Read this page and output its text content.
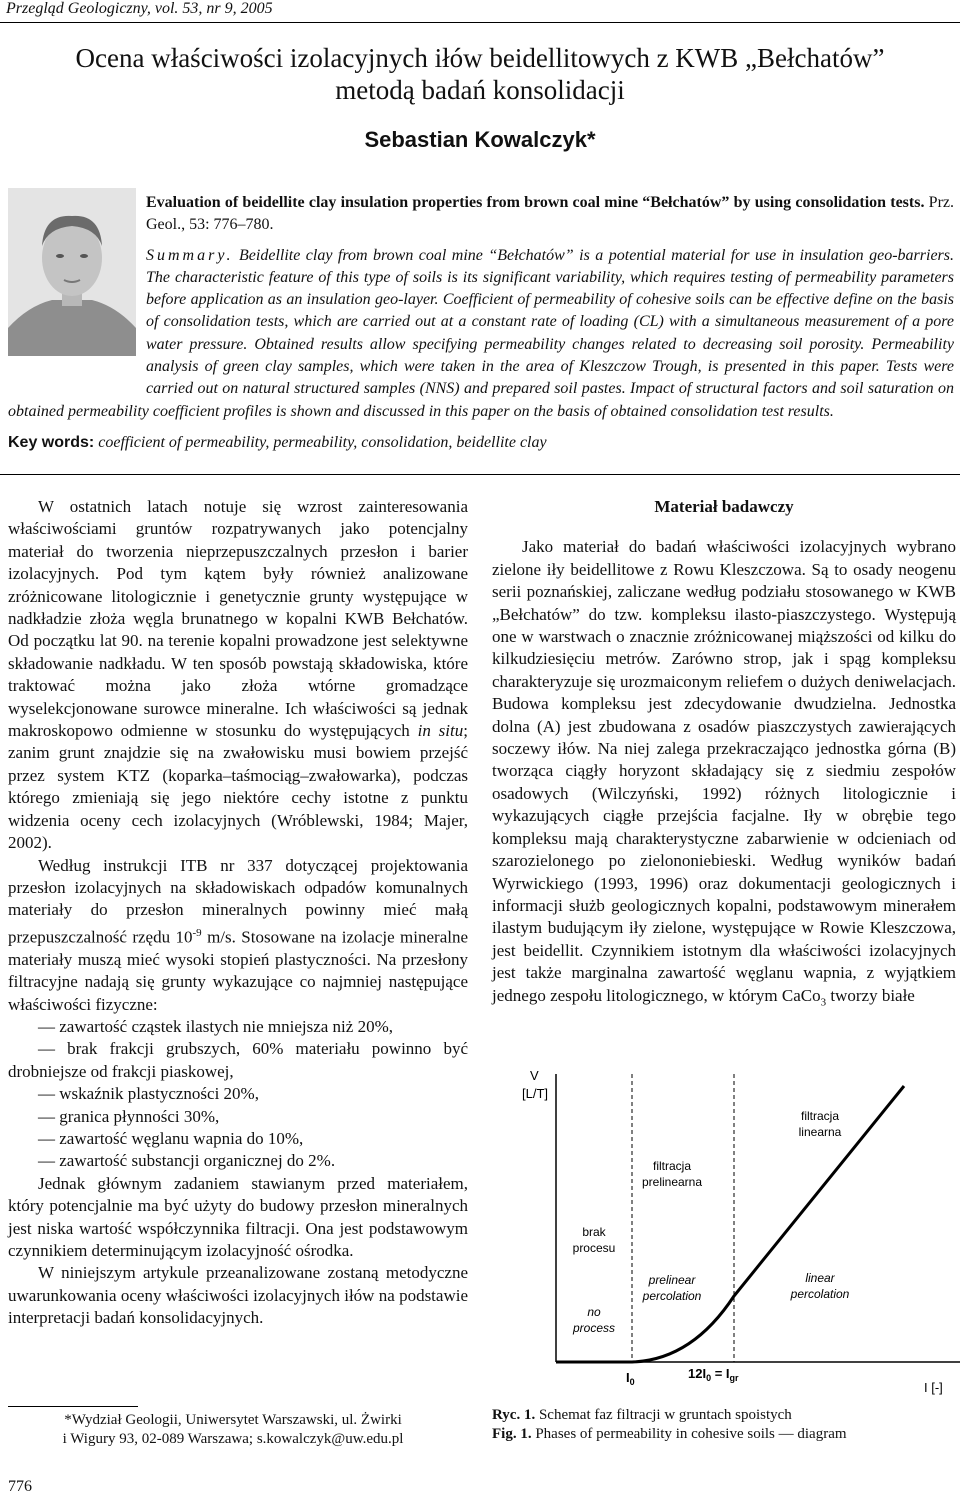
Przegląd Geologiczny, vol. 53, nr 9, 2005
Ocena właściwości izolacyjnych iłów beidellitowych z KWB „Bełchatów”
metodą badań konsolidacji
Sebastian Kowalczyk*
Evaluation of beidellite clay insulation properties from brown coal mine “Bełchatów” by using consolidation tests. Prz. Geol., 53: 776–780.

Summary. Beidellite clay from brown coal mine “Bełchatów” is a potential material for use in insulation geo-barriers. The characteristic feature of this type of soils is its significant variability, which requires testing of permeability parameters before application as an insulation geo-layer. Coefficient of permeability of cohesive soils can be effective define on the basis of consolidation tests, which are carried out at a constant rate of loading (CL) with a simultaneous measurement of a pore water pressure. Obtained results allow specifying permeability changes related to decreasing soil porosity. Permeability analysis of green clay samples, which were taken in the area of Kleszczow Trough, is presented in this paper. Tests were carried out on natural structured samples (NNS) and prepared soil pastes. Impact of structural factors and soil saturation on obtained permeability coefficient profiles is shown and discussed in this paper on the basis of obtained consolidation test results.
Key words: coefficient of permeability, permeability, consolidation, beidellite clay

W ostatnich latach notuje się wzrost zainteresowania właściwościami gruntów rozpatrywanych jako potencjalny materiał do tworzenia nieprzepuszczalnych przesłon i barier izolacyjnych. Pod tym kątem były również analizowane zróżnicowane litologicznie i genetycznie grunty występujące w nadkładzie złoża węgla brunatnego w kopalni KWB Bełchatów. Od początku lat 90. na terenie kopalni prowadzone jest selektywne składowanie nadkładu. W ten sposób powstają składowiska, które traktować można jako złoża wtórne gromadzące wyselekcjonowane surowce mineralne. Ich właściwości są jednak makroskopowo odmienne w stosunku do występujących in situ; zanim grunt znajdzie się na zwałowisku musi bowiem przejść przez system KTZ (koparka–taśmociąg–zwałowarka), podczas którego zmieniają się jego niektóre cechy istotne z punktu widzenia oceny cech izolacyjnych (Wróblewski, 1984; Majer, 2002).

Według instrukcji ITB nr 337 dotyczącej projektowania przesłon izolacyjnych na składowiskach odpadów komunalnych materiały do przesłon mineralnych powinny mieć małą przepuszczalność rzędu $10^{-9}$ m/s. Stosowane na izolacje mineralne materiały muszą mieć wysoki stopień plastyczności. Na przesłony filtracyjne nadają się grunty wykazujące co najmniej następujące właściwości fizyczne:

— zawartość cząstek ilastych nie mniejsza niż 20%,

— brak frakcji grubszych, 60% materiału powinno być drobniejsze od frakcji piaskowej,

— wskaźnik plastyczności 20%,

— granica płynności 30%,

— zawartość węglanu wapnia do 10%,

— zawartość substancji organicznej do 2%.

Jednak głównym zadaniem stawianym przed materiałem, który potencjalnie ma być użyty do budowy przesłon mineralnych jest niska wartość współczynnika filtracji. Ona jest podstawowym czynnikiem determinującym izolacyjność ośrodka.

W niniejszym artykule przeanalizowane zostaną metodyczne uwarunkowania oceny właściwości izolacyjnych iłów na podstawie interpretacji badań konsolidacyjnych.

Materiał badawczy

Jako materiał do badań właściwości izolacyjnych wybrano zielone iły beidellitowe z Rowu Kleszczowa. Są to osady neogenu serii poznańskiej, zaliczane według podziału stosowanego w KWB „Bełchatów” do tzw. kompleksu ilasto-piaszczystego. Występują one w warstwach o znacznie zróżnicowanej miąższości od kilku do kilkudziesięciu metrów. Zarówno strop, jak i spąg kompleksu charakteryzuje się urozmaiconym reliefem o dużych deniwelacjach. Budowa kompleksu jest zdecydowanie dwudzielna. Jednostka dolna (A) jest zbudowana z osadów piaszczystych zawierających soczewy iłów. Na niej zalega przekraczająco jednostka górna (B) tworząca ciągły horyzont składający się z siedmiu zespołów osadowych (Wilczyński, 1992) różnych litologicznie i wykazujących ciągłe przejścia facjalne. Iły w obrębie tego kompleksu mają charakterystyczne zabarwienie w odcieniach od szarozielonego po zielononiebieski. Według wyników badań Wyrwickiego (1993, 1996) oraz dokumentacji geologicznych i informacji służb geologicznych kopalni, podstawowym minerałem ilastym budującym iły zielone, występujące w Rowie Kleszczowa, jest beidellit. Czynnikiem istotnym dla właściwości izolacyjnych jest także marginalna zawartość węglanu wapnia, z wyjątkiem jednego zespołu litologicznego, w którym CaCo$_3$ tworzy białe

V
[L/T]
brak
procesu
no
process
filtracja
prelinearna
prelinear
percolation
filtracja
linearna
linear
percolation
$I_0$
$12I_0 = I_{gr}$
I [-]
Ryc. 1. Schemat faz filtracji w gruntach spoistych
Fig. 1. Phases of permeability in cohesive soils — diagram
*Wydział Geologii, Uniwersytet Warszawski, ul. Żwirki
i Wigury 93, 02-089 Warszawa; s.kowalczyk@uw.edu.pl
776
